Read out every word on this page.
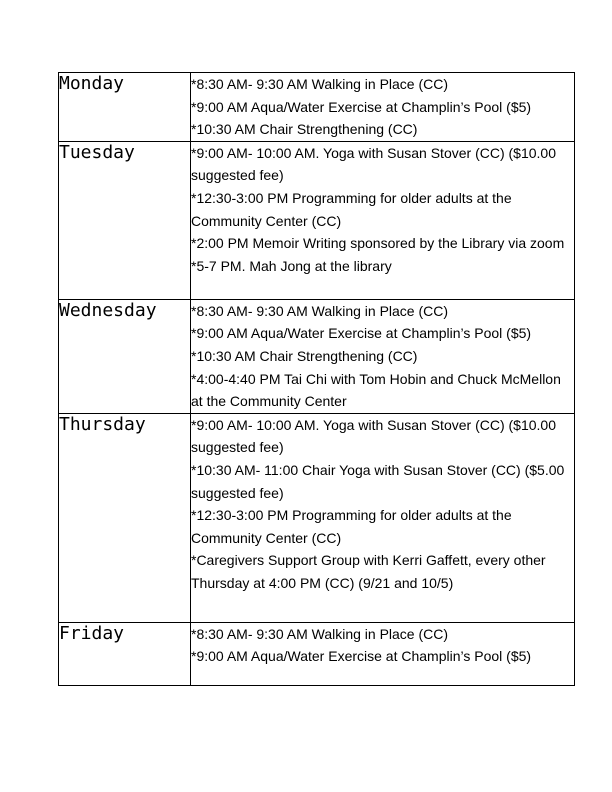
Monday	*8:30 AM- 9:30 AM Walking in Place (CC)
*9:00 AM Aqua/Water Exercise at Champlin’s Pool ($5)
*10:30 AM Chair Strengthening (CC)

Tuesday	*9:00 AM- 10:00 AM. Yoga with Susan Stover (CC) ($10.00 suggested fee)
*12:30-3:00 PM Programming for older adults at the Community Center (CC)
*2:00 PM Memoir Writing sponsored by the Library via zoom
*5-7 PM. Mah Jong at the library

Wednesday	*8:30 AM- 9:30 AM Walking in Place (CC)
*9:00 AM Aqua/Water Exercise at Champlin’s Pool ($5)
*10:30 AM Chair Strengthening (CC)
*4:00-4:40 PM Tai Chi with Tom Hobin and Chuck McMellon at the Community Center

Thursday	*9:00 AM- 10:00 AM. Yoga with Susan Stover (CC) ($10.00 suggested fee)
*10:30 AM- 11:00 Chair Yoga with Susan Stover (CC) ($5.00 suggested fee)
*12:30-3:00 PM Programming for older adults at the Community Center (CC)
*Caregivers Support Group with Kerri Gaffett, every other Thursday at 4:00 PM (CC) (9/21 and 10/5)

Friday	*8:30 AM- 9:30 AM Walking in Place (CC)
*9:00 AM Aqua/Water Exercise at Champlin’s Pool ($5)
